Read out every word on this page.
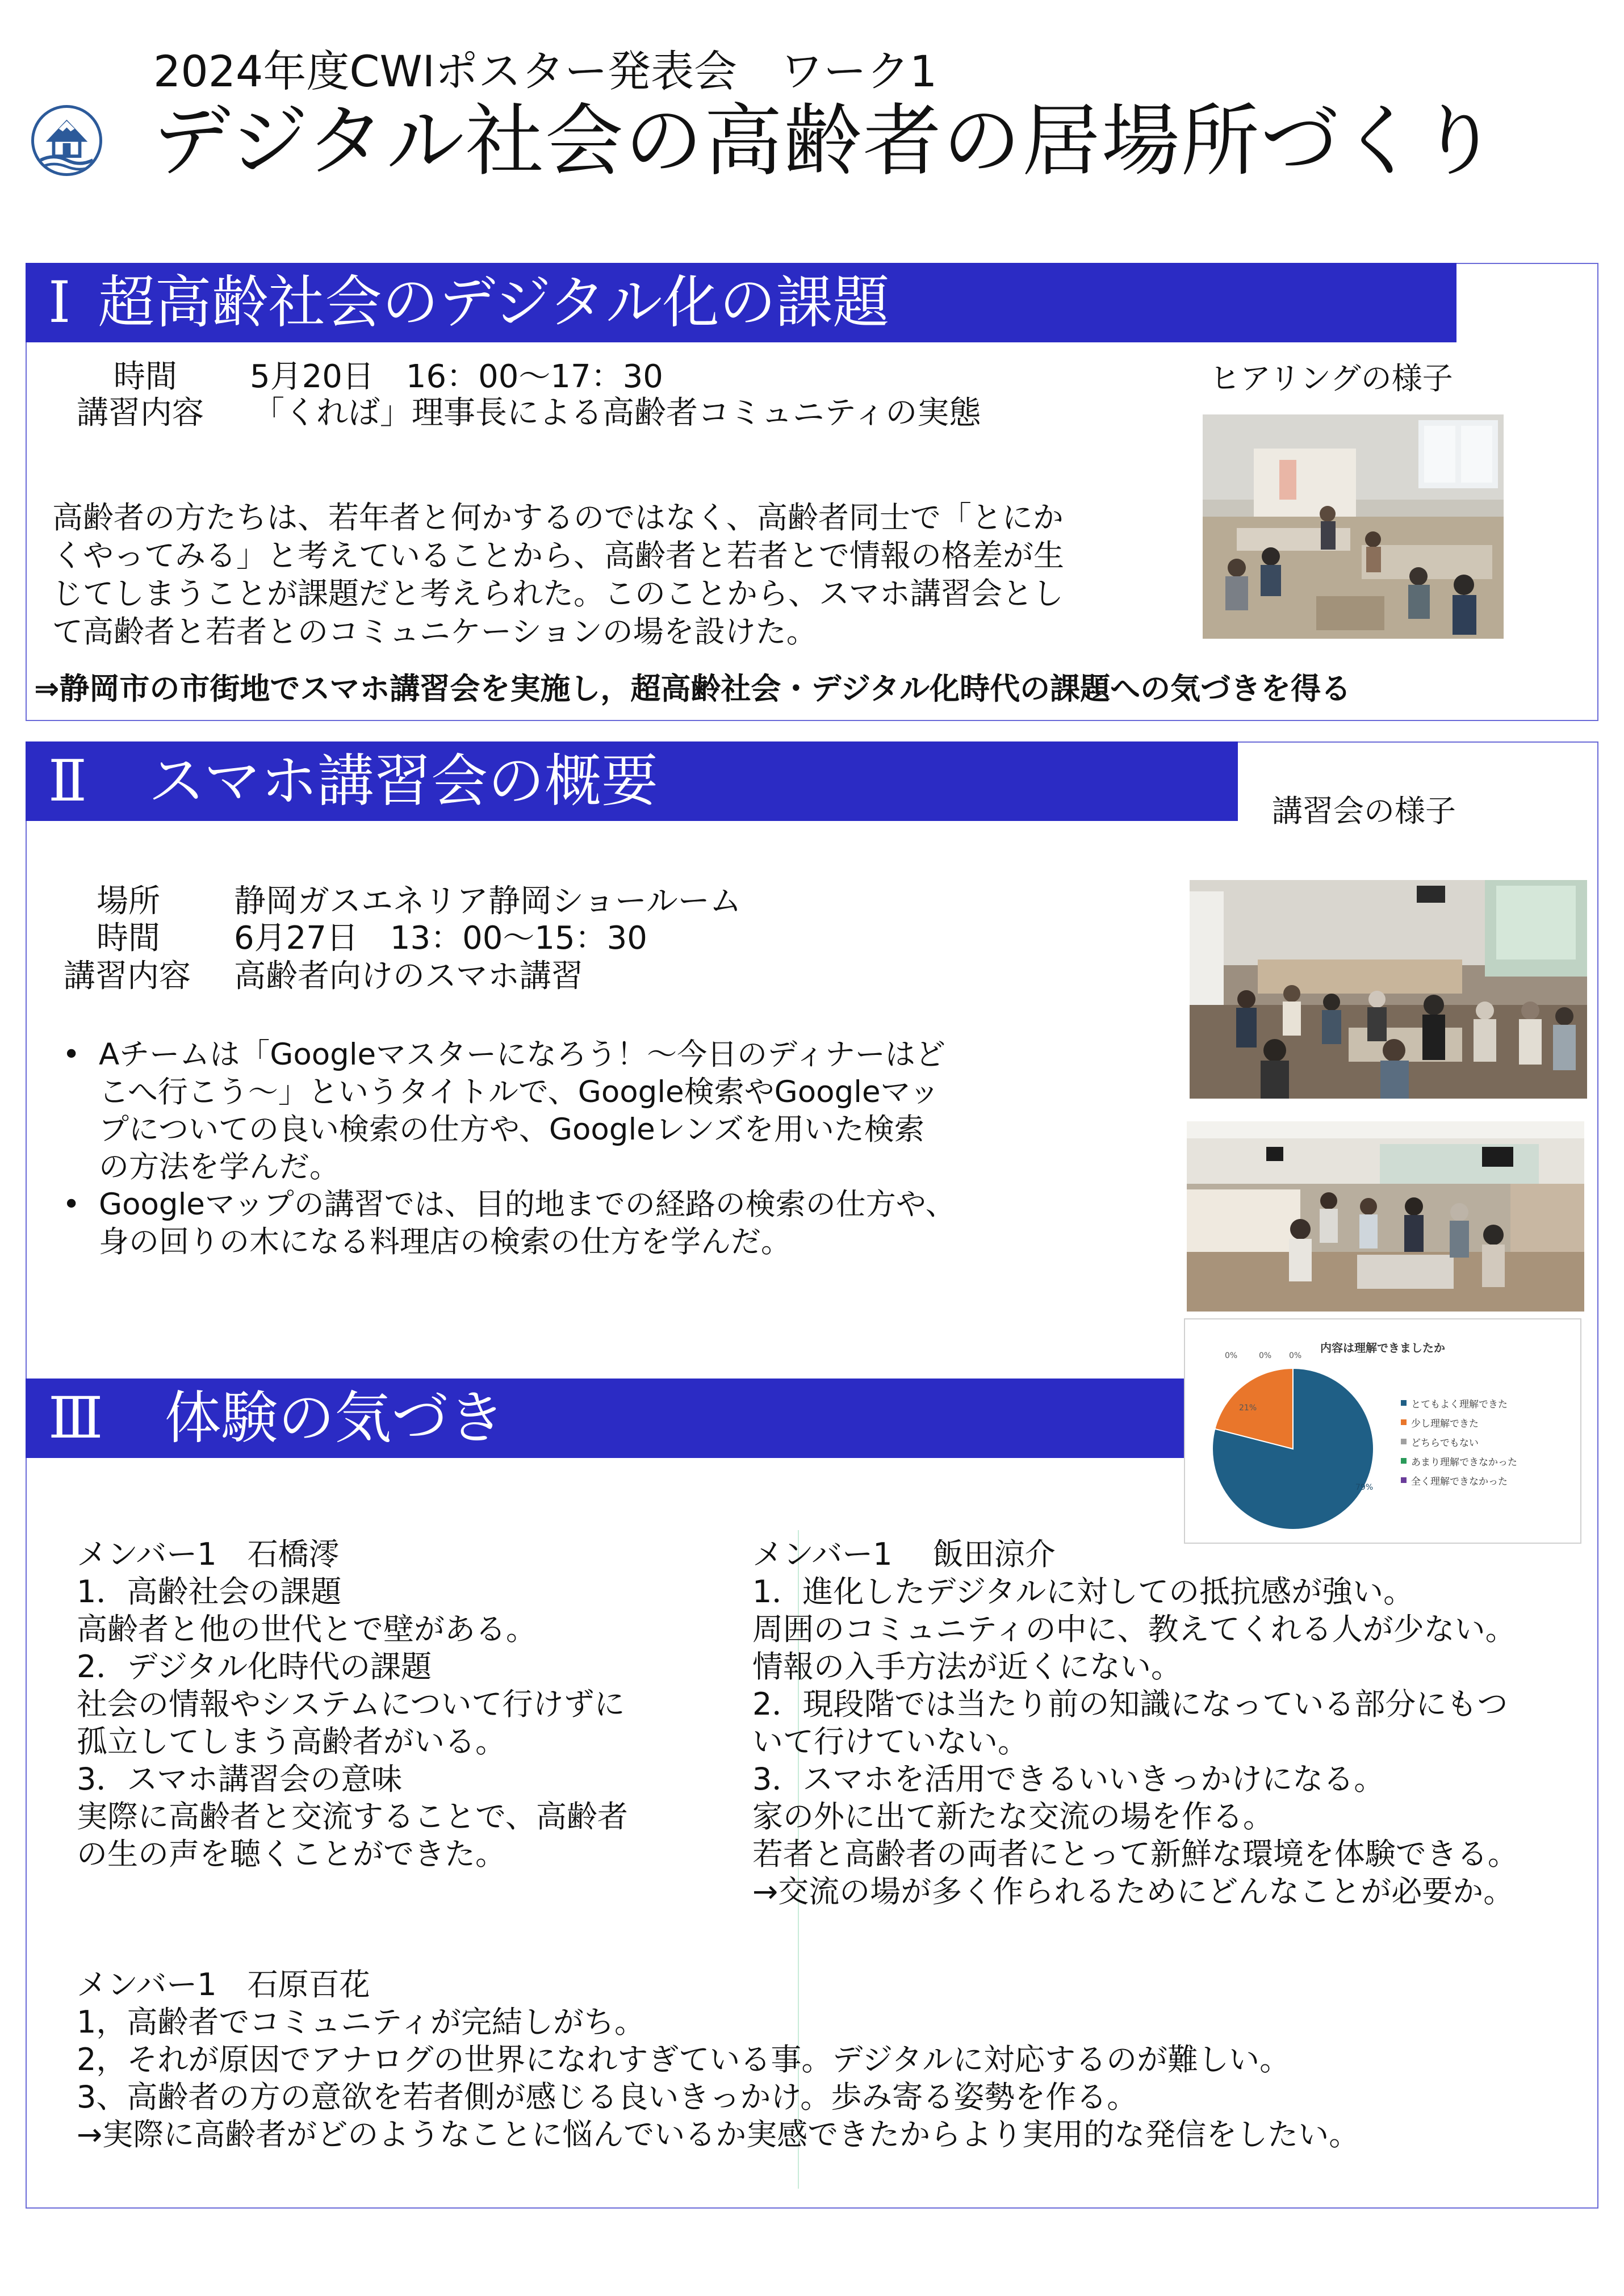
2024年度CWIポスター発表会　ワーク1
デジタル社会の高齢者の居場所づくり
Ⅰ 超高齢社会のデジタル化の課題
時間 5月20日　16：00〜17：30
講習内容 「くれば」理事長による高齢者コミュニティの実態
ヒアリングの様子
高齢者の方たちは、若年者と何かするのではなく、高齢者同士で「とにか
くやってみる」と考えていることから、高齢者と若者とで情報の格差が生
じてしまうことが課題だと考えられた。このことから、スマホ講習会とし
て高齢者と若者とのコミュニケーションの場を設けた。
⇒静岡市の市街地でスマホ講習会を実施し，超高齢社会・デジタル化時代の課題への気づきを得る
Ⅱ スマホ講習会の概要	講習会の様子
場所 静岡ガスエネリア静岡ショールーム
時間 6月27日　13：00〜15：30
講習内容 高齢者向けのスマホ講習
• Aチームは「Googleマスターになろう！〜今日のディナーはど
こへ行こう〜」というタイトルで、Google検索やGoogleマッ
プについての良い検索の仕方や、Googleレンズを用いた検索
の方法を学んだ。
• Googleマップの講習では、目的地までの経路の検索の仕方や、
身の回りの木になる料理店の検索の仕方を学んだ。
内容は理解できましたか
79%
21%
0%	0% 0%
とてもよく理解できた
少し理解できた
どちらでもない
あまり理解できなかった
全く理解できなかった
Ⅲ 体験の気づき
メンバー1　石橋澪
1．高齢社会の課題
高齢者と他の世代とで壁がある。
2．デジタル化時代の課題
社会の情報やシステムについて行けずに
孤立してしまう高齢者がいる。
3．スマホ講習会の意味
実際に高齢者と交流することで、高齢者
の生の声を聴くことができた。
メンバー1　 飯田涼介
1．進化したデジタルに対しての抵抗感が強い。
周囲のコミュニティの中に、教えてくれる人が少ない。
情報の入手方法が近くにない。
2．現段階では当たり前の知識になっている部分にもつ
いて行けていない。
3．スマホを活用できるいいきっかけになる。
家の外に出て新たな交流の場を作る。
若者と高齢者の両者にとって新鮮な環境を体験できる。
→交流の場が多く作られるためにどんなことが必要か。
メンバー1　石原百花
1，高齢者でコミュニティが完結しがち。
2，それが原因でアナログの世界になれすぎている事。デジタルに対応するのが難しい。
3、高齢者の方の意欲を若者側が感じる良いきっかけ。歩み寄る姿勢を作る。
→実際に高齢者がどのようなことに悩んでいるか実感できたからより実用的な発信をしたい。
